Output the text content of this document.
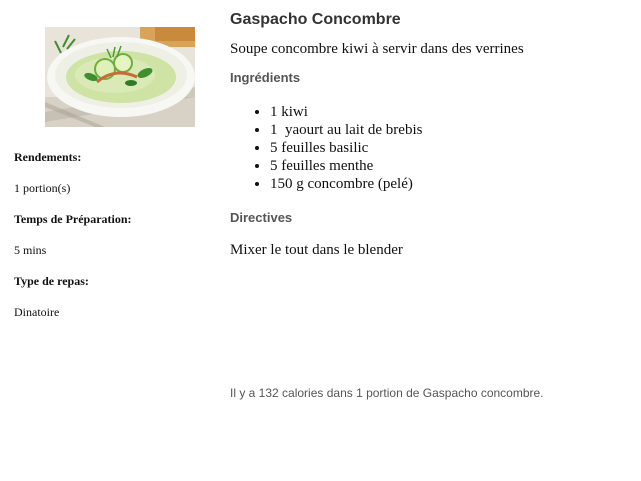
Rendements:
1 portion(s)
Temps de Préparation:
5 mins
Type de repas:
Dinatoire
Gaspacho Concombre
Soupe concombre kiwi à servir dans des verrines
Ingrédients
• 1 kiwi
• 1  yaourt au lait de brebis
• 5 feuilles basilic
• 5 feuilles menthe
• 150 g concombre (pelé)
Directives
Mixer le tout dans le blender
Il y a 132 calories dans 1 portion de Gaspacho concombre.
